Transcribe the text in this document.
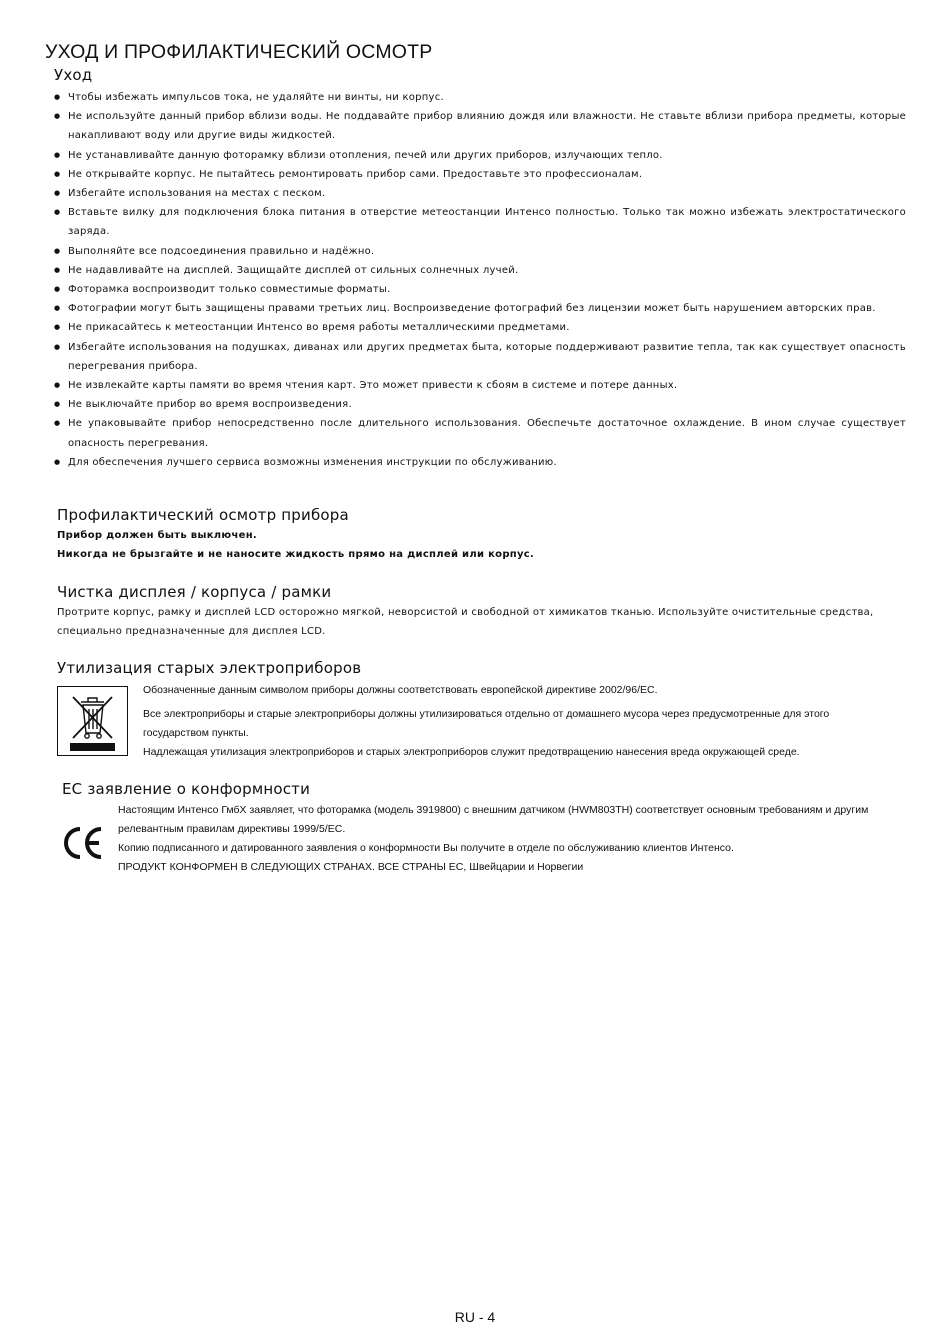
УХОД И ПРОФИЛАКТИЧЕСКИЙ ОСМОТР
Уход
● Чтобы избежать импульсов тока, не удаляйте ни винты, ни корпус.
● Не используйте данный прибор вблизи воды. Не поддавайте прибор влиянию дождя или влажности. Не ставьте вблизи прибора предметы, которые накапливают воду или другие виды жидкостей.
● Не устанавливайте данную фоторамку вблизи отопления, печей или других приборов, излучающих тепло.
● Не открывайте корпус. Не пытайтесь ремонтировать прибор сами. Предоставьте это профессионалам.
● Избегайте использования на местах с песком.
● Вставьте вилку для подключения блока питания в отверстие метеостанции Интенсо полностью. Только так можно избежать электростатического заряда.
● Выполняйте все подсоединения правильно и надёжно.
● Не надавливайте на дисплей. Защищайте дисплей от сильных солнечных лучей.
● Фоторамка воспроизводит только совместимые форматы.
● Фотографии могут быть защищены правами третьих лиц. Воспроизведение фотографий без лицензии может быть нарушением авторских прав.
● Не прикасайтесь к метеостанции Интенсо во время работы металлическими предметами.
● Избегайте использования на подушках, диванах или других предметах быта, которые поддерживают развитие тепла, так как существует опасность перегревания прибора.
● Не извлекайте карты памяти во время чтения карт. Это может привести к сбоям в системе и потере данных.
● Не выключайте прибор во время воспроизведения.
● Не упаковывайте прибор непосредственно после длительного использования. Обеспечьте достаточное охлаждение. В ином случае существует опасность перегревания.
● Для обеспечения лучшего сервиса возможны изменения инструкции по обслуживанию.
Профилактический осмотр прибора

Прибор должен быть выключен.

Никогда не брызгайте и не наносите жидкость прямо на дисплей или корпус.

Чистка дисплея / корпуса / рамки

Протрите корпус, рамку и дисплей LCD осторожно мягкой, неворсистой и свободной от химикатов тканью. Используйте очистительные средства, специально предназначенные для дисплея LCD.

Утилизация старых электроприборов

Обозначенные данным символом приборы должны соответствовать европейской директиве 2002/96/EC.

Все электроприборы и старые электроприборы должны утилизироваться отдельно от домашнего мусора через предусмотренные для этого государством пункты.

Надлежащая утилизация электроприборов и старых электроприборов служит предотвращению нанесения вреда окружающей среде.

ЕС заявление о конформности

Настоящим Интенсо ГмбХ заявляет, что фоторамка (модель 3919800) с внешним датчиком (HWM803TH) соответствует основным требованиям и другим релевантным правилам директивы 1999/5/EC.

Копию подписанного и датированного заявления о конформности Вы получите в отделе по обслуживанию клиентов Интенсо.

ПРОДУКТ КОНФОРМЕН В СЛЕДУЮЩИХ СТРАНАХ. ВСЕ СТРАНЫ ЕС, Швейцарии и Норвегии

RU - 4
